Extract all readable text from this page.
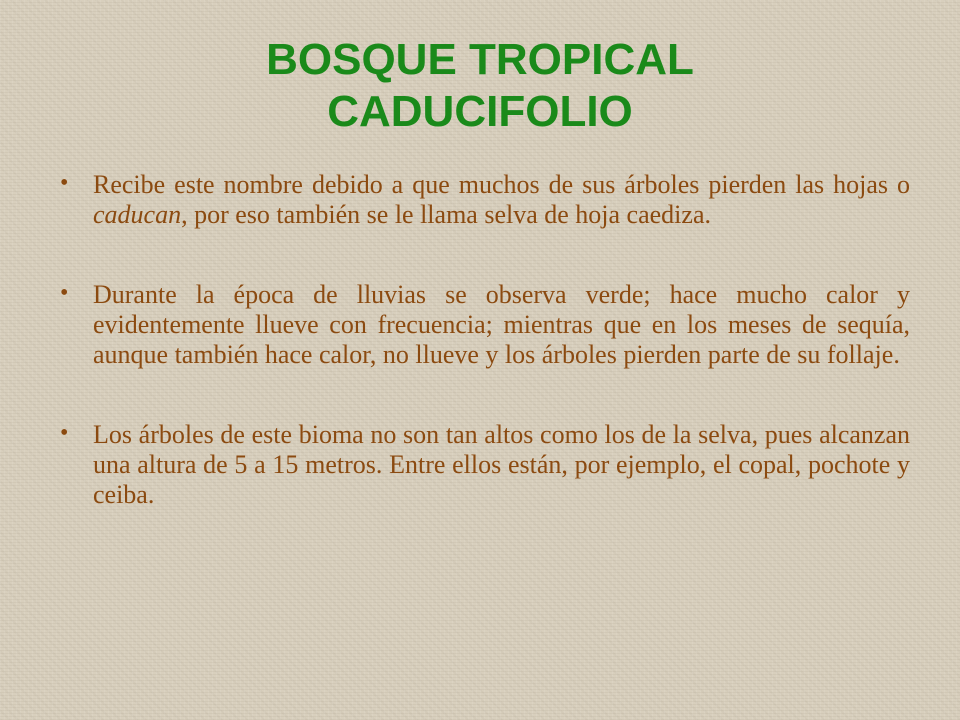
BOSQUE TROPICAL
CADUCIFOLIO
• Recibe este nombre debido a que muchos de sus árboles pierden las hojas o caducan, por eso también se le llama selva de hoja caediza.
• Durante la época de lluvias se observa verde; hace mucho calor y evidentemente llueve con frecuencia; mientras que en los meses de sequía, aunque también hace calor, no llueve y los árboles pierden parte de su follaje.
• Los árboles de este bioma no son tan altos como los de la selva, pues alcanzan una altura de 5 a 15 metros. Entre ellos están, por ejemplo, el copal, pochote y ceiba.
